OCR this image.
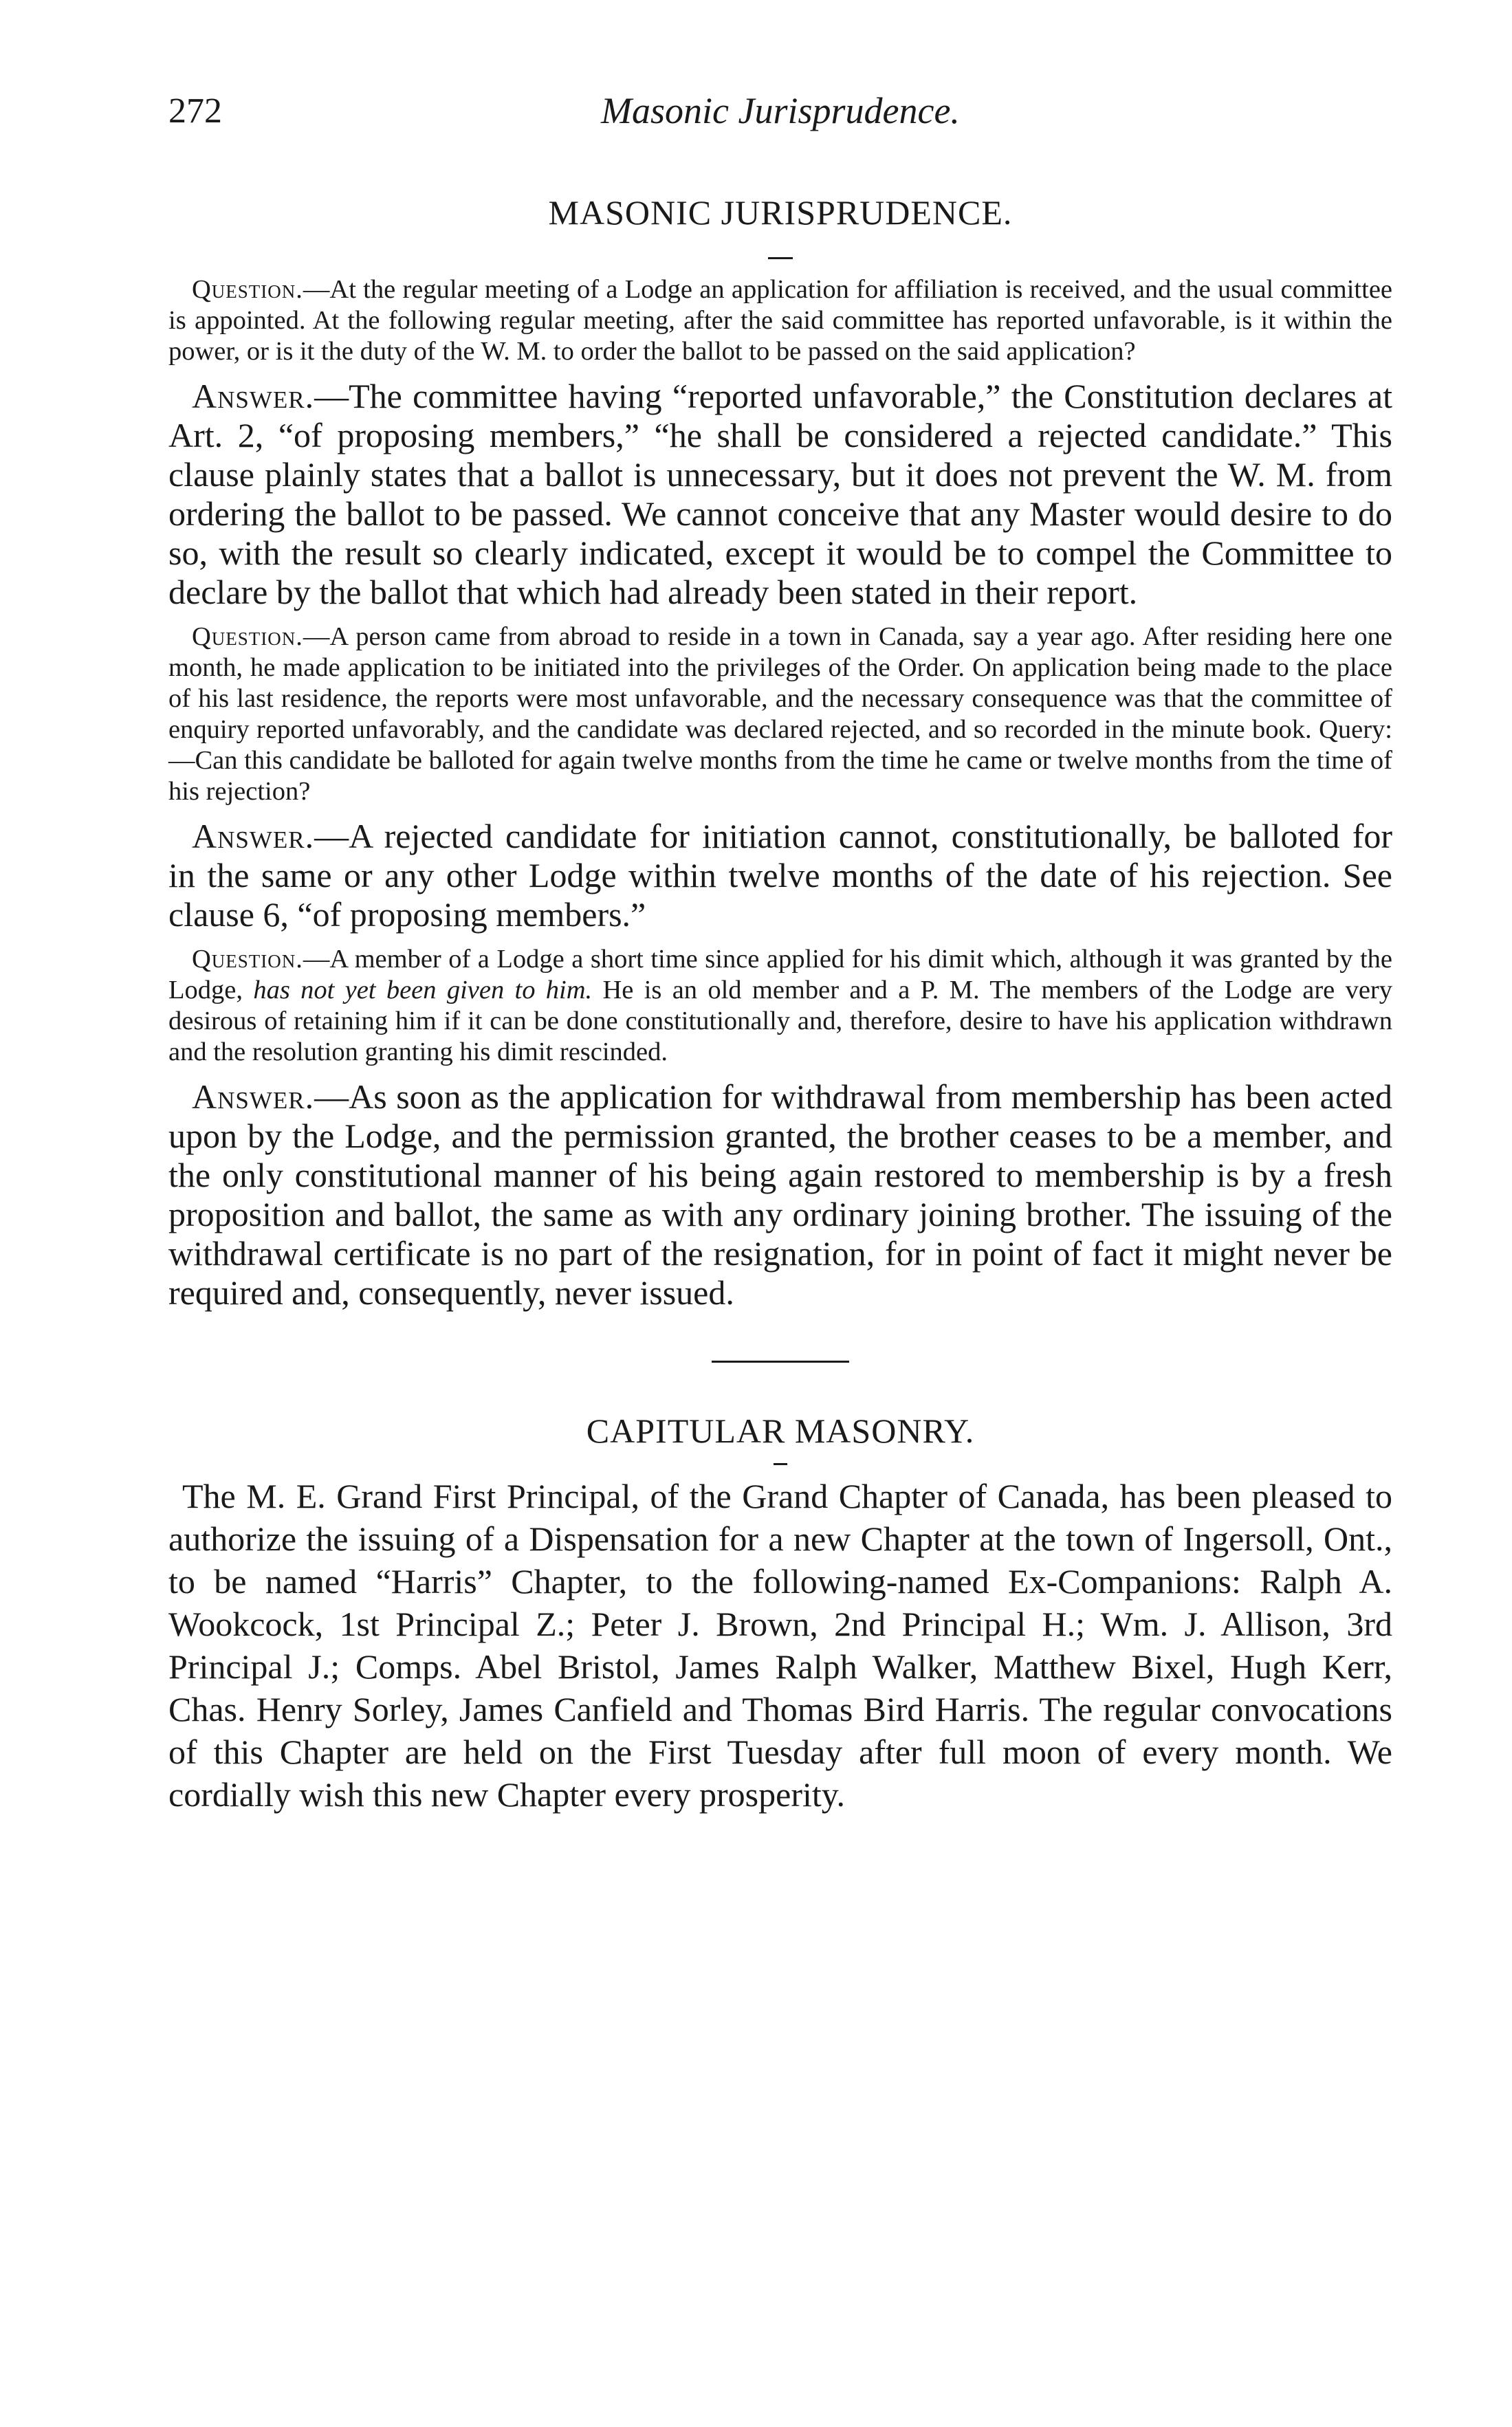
272	Masonic Jurisprudence.
MASONIC JURISPRUDENCE.

Question.—At the regular meeting of a Lodge an application for affiliation is received, and the usual committee is appointed. At the following regular meeting, after the said committee has reported unfavorable, is it within the power, or is it the duty of the W. M. to order the ballot to be passed on the said application?

Answer.—The committee having “reported unfavorable,” the Constitution declares at Art. 2, “of proposing members,” “he shall be considered a rejected candidate.” This clause plainly states that a ballot is unnecessary, but it does not prevent the W. M. from ordering the ballot to be passed. We cannot conceive that any Master would desire to do so, with the result so clearly indicated, except it would be to compel the Committee to declare by the ballot that which had already been stated in their report.

Question.—A person came from abroad to reside in a town in Canada, say a year ago. After residing here one month, he made application to be initiated into the privileges of the Order. On application being made to the place of his last residence, the reports were most unfavorable, and the necessary consequence was that the committee of enquiry reported unfavorably, and the candidate was declared rejected, and so recorded in the minute book. Query:—Can this candidate be balloted for again twelve months from the time he came or twelve months from the time of his rejection?

Answer.—A rejected candidate for initiation cannot, constitutionally, be balloted for in the same or any other Lodge within twelve months of the date of his rejection. See clause 6, “of proposing members.”

Question.—A member of a Lodge a short time since applied for his dimit which, although it was granted by the Lodge, has not yet been given to him. He is an old member and a P. M. The members of the Lodge are very desirous of retaining him if it can be done constitutionally and, therefore, desire to have his application withdrawn and the resolution granting his dimit rescinded.

Answer.—As soon as the application for withdrawal from membership has been acted upon by the Lodge, and the permission granted, the brother ceases to be a member, and the only constitutional manner of his being again restored to membership is by a fresh proposition and ballot, the same as with any ordinary joining brother. The issuing of the withdrawal certificate is no part of the resignation, for in point of fact it might never be required and, consequently, never issued.

CAPITULAR MASONRY.

The M. E. Grand First Principal, of the Grand Chapter of Canada, has been pleased to authorize the issuing of a Dispensation for a new Chapter at the town of Ingersoll, Ont., to be named “Harris” Chapter, to the following-named Ex-Companions: Ralph A. Wookcock, 1st Principal Z.; Peter J. Brown, 2nd Principal H.; Wm. J. Allison, 3rd Principal J.; Comps. Abel Bristol, James Ralph Walker, Matthew Bixel, Hugh Kerr, Chas. Henry Sorley, James Canfield and Thomas Bird Harris. The regular convocations of this Chapter are held on the First Tuesday after full moon of every month. We cordially wish this new Chapter every prosperity.
